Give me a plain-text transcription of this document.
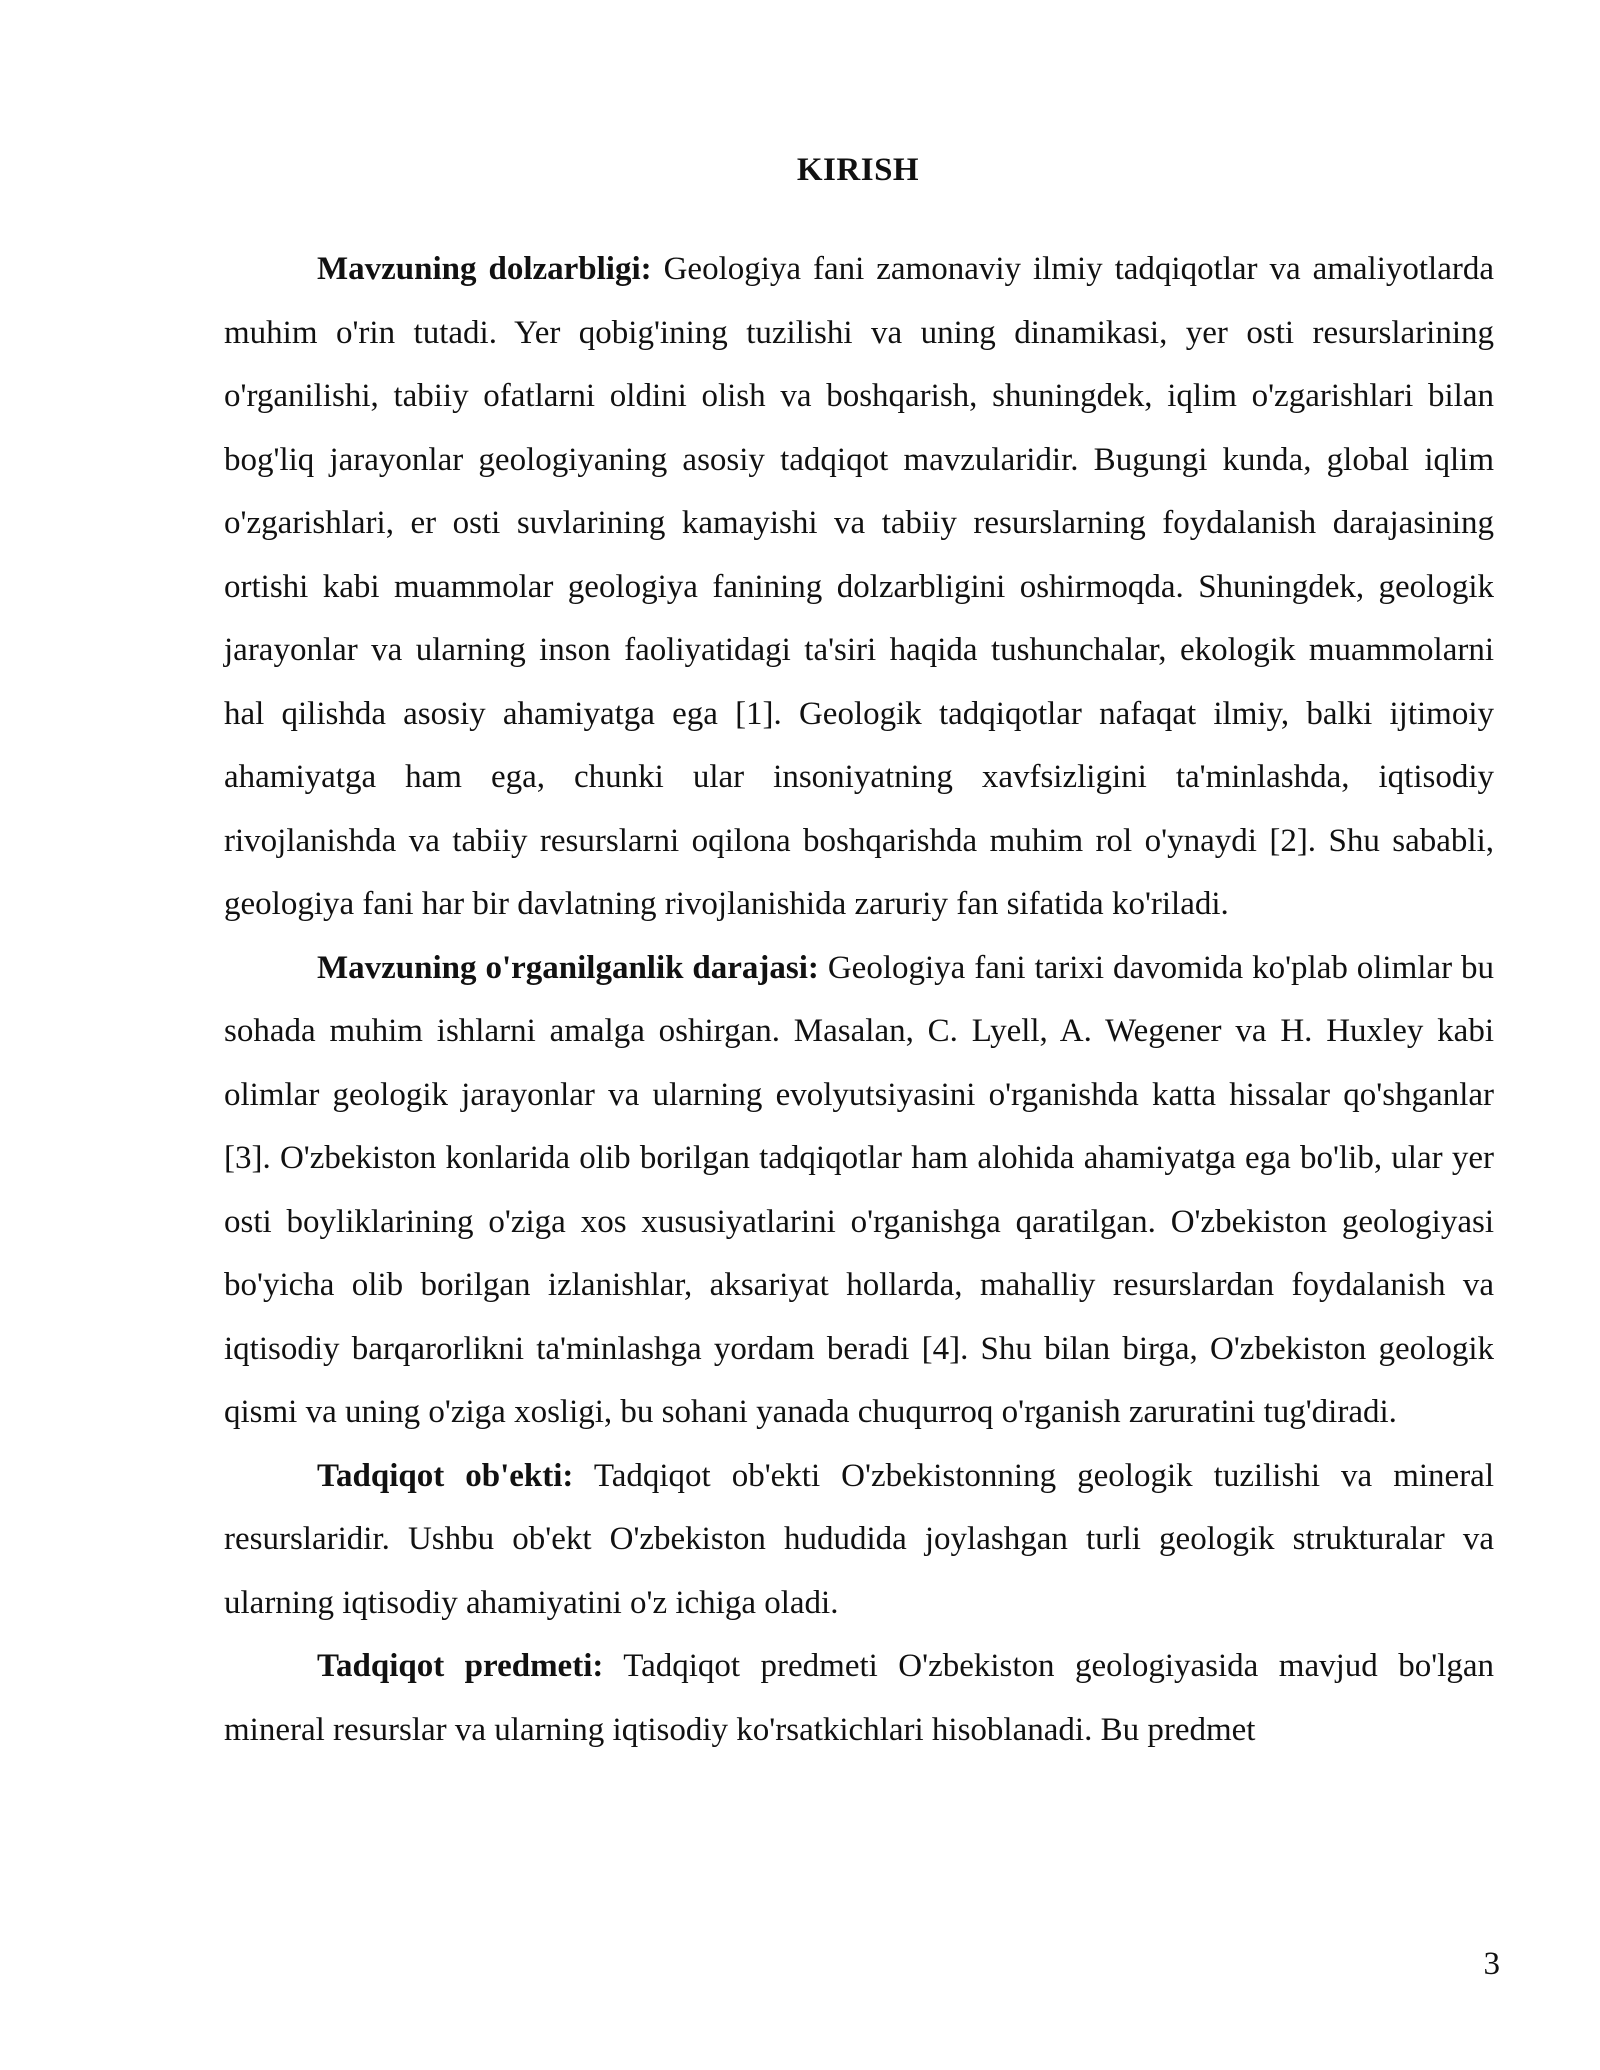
KIRISH

Mavzuning dolzarbligi: Geologiya fani zamonaviy ilmiy tadqiqotlar va amaliyotlarda muhim o'rin tutadi. Yer qobig'ining tuzilishi va uning dinamikasi, yer osti resurslarining o'rganilishi, tabiiy ofatlarni oldini olish va boshqarish, shuningdek, iqlim o'zgarishlari bilan bog'liq jarayonlar geologiyaning asosiy tadqiqot mavzularidir. Bugungi kunda, global iqlim o'zgarishlari, er osti suvlarining kamayishi va tabiiy resurslarning foydalanish darajasining ortishi kabi muammolar geologiya fanining dolzarbligini oshirmoqda. Shuningdek, geologik jarayonlar va ularning inson faoliyatidagi ta'siri haqida tushunchalar, ekologik muammolarni hal qilishda asosiy ahamiyatga ega [1]. Geologik tadqiqotlar nafaqat ilmiy, balki ijtimoiy ahamiyatga ham ega, chunki ular insoniyatning xavfsizligini ta'minlashda, iqtisodiy rivojlanishda va tabiiy resurslarni oqilona boshqarishda muhim rol o'ynaydi [2]. Shu sababli, geologiya fani har bir davlatning rivojlanishida zaruriy fan sifatida ko'riladi.

Mavzuning o'rganilganlik darajasi: Geologiya fani tarixi davomida ko'plab olimlar bu sohada muhim ishlarni amalga oshirgan. Masalan, C. Lyell, A. Wegener va H. Huxley kabi olimlar geologik jarayonlar va ularning evolyutsiyasini o'rganishda katta hissalar qo'shganlar [3]. O'zbekiston konlarida olib borilgan tadqiqotlar ham alohida ahamiyatga ega bo'lib, ular yer osti boyliklarining o'ziga xos xususiyatlarini o'rganishga qaratilgan. O'zbekiston geologiyasi bo'yicha olib borilgan izlanishlar, aksariyat hollarda, mahalliy resurslardan foydalanish va iqtisodiy barqarorlikni ta'minlashga yordam beradi [4]. Shu bilan birga, O'zbekiston geologik qismi va uning o'ziga xosligi, bu sohani yanada chuqurroq o'rganish zaruratini tug'diradi.

Tadqiqot ob'ekti: Tadqiqot ob'ekti O'zbekistonning geologik tuzilishi va mineral resurslaridir. Ushbu ob'ekt O'zbekiston hududida joylashgan turli geologik strukturalar va ularning iqtisodiy ahamiyatini o'z ichiga oladi.

Tadqiqot predmeti: Tadqiqot predmeti O'zbekiston geologiyasida mavjud bo'lgan mineral resurslar va ularning iqtisodiy ko'rsatkichlari hisoblanadi. Bu predmet

3
